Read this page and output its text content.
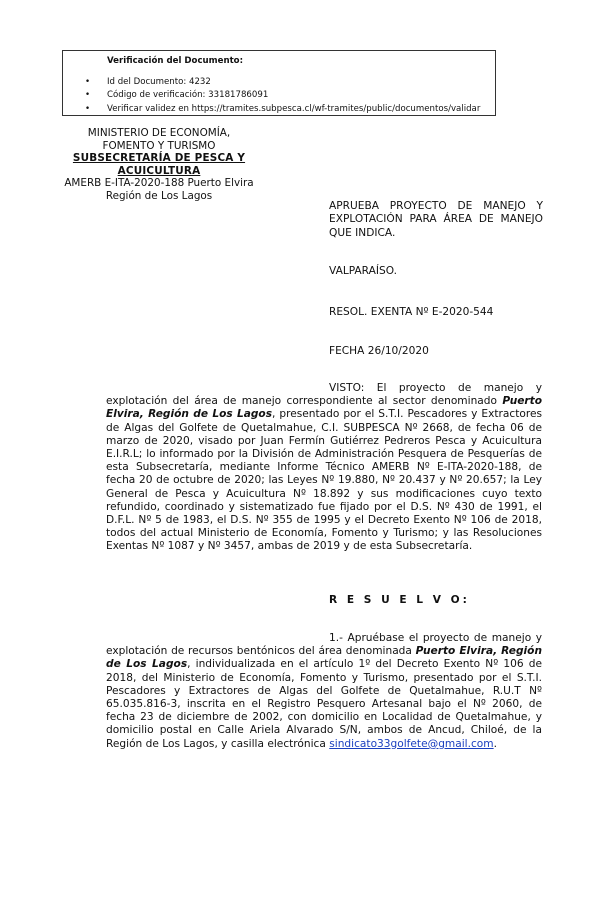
Verificación del Documento:
• Id del Documento: 4232
• Código de verificación: 33181786091
• Verificar validez en https://tramites.subpesca.cl/wf-tramites/public/documentos/validar
MINISTERIO DE ECONOMÍA,
FOMENTO Y TURISMO
SUBSECRETARÍA DE PESCA Y ACUICULTURA
AMERB E-ITA-2020-188 Puerto Elvira
Región de Los Lagos
APRUEBA PROYECTO DE MANEJO Y EXPLOTACIÓN PARA ÁREA DE MANEJO QUE INDICA.
VALPARAÍSO.
RESOL. EXENTA Nº E-2020-544
FECHA 26/10/2020
VISTO: El proyecto de manejo y explotación del área de manejo correspondiente al sector denominado Puerto Elvira, Región de Los Lagos, presentado por el S.T.I. Pescadores y Extractores de Algas del Golfete de Quetalmahue, C.I. SUBPESCA Nº 2668, de fecha 06 de marzo de 2020, visado por Juan Fermín Gutiérrez Pedreros Pesca y Acuicultura E.I.R.L; lo informado por la División de Administración Pesquera de Pesquerías de esta Subsecretaría, mediante Informe Técnico AMERB Nº E-ITA-2020-188, de fecha 20 de octubre de 2020; las Leyes Nº 19.880, Nº 20.437 y Nº 20.657; la Ley General de Pesca y Acuicultura Nº 18.892 y sus modificaciones cuyo texto refundido, coordinado y sistematizado fue fijado por el D.S. Nº 430 de 1991, el D.F.L. Nº 5 de 1983, el D.S. Nº 355 de 1995 y el Decreto Exento Nº 106 de 2018, todos del actual Ministerio de Economía, Fomento y Turismo; y las Resoluciones Exentas Nº 1087 y Nº 3457, ambas de 2019 y de esta Subsecretaría.
R E S U E L V O:
1.- Apruébase el proyecto de manejo y explotación de recursos bentónicos del área denominada Puerto Elvira, Región de Los Lagos, individualizada en el artículo 1º del Decreto Exento Nº 106 de 2018, del Ministerio de Economía, Fomento y Turismo, presentado por el S.T.I. Pescadores y Extractores de Algas del Golfete de Quetalmahue, R.U.T Nº 65.035.816-3, inscrita en el Registro Pesquero Artesanal bajo el Nº 2060, de fecha 23 de diciembre de 2002, con domicilio en Localidad de Quetalmahue, y domicilio postal en Calle Ariela Alvarado S/N, ambos de Ancud, Chiloé, de la Región de Los Lagos, y casilla electrónica sindicato33golfete@gmail.com.
